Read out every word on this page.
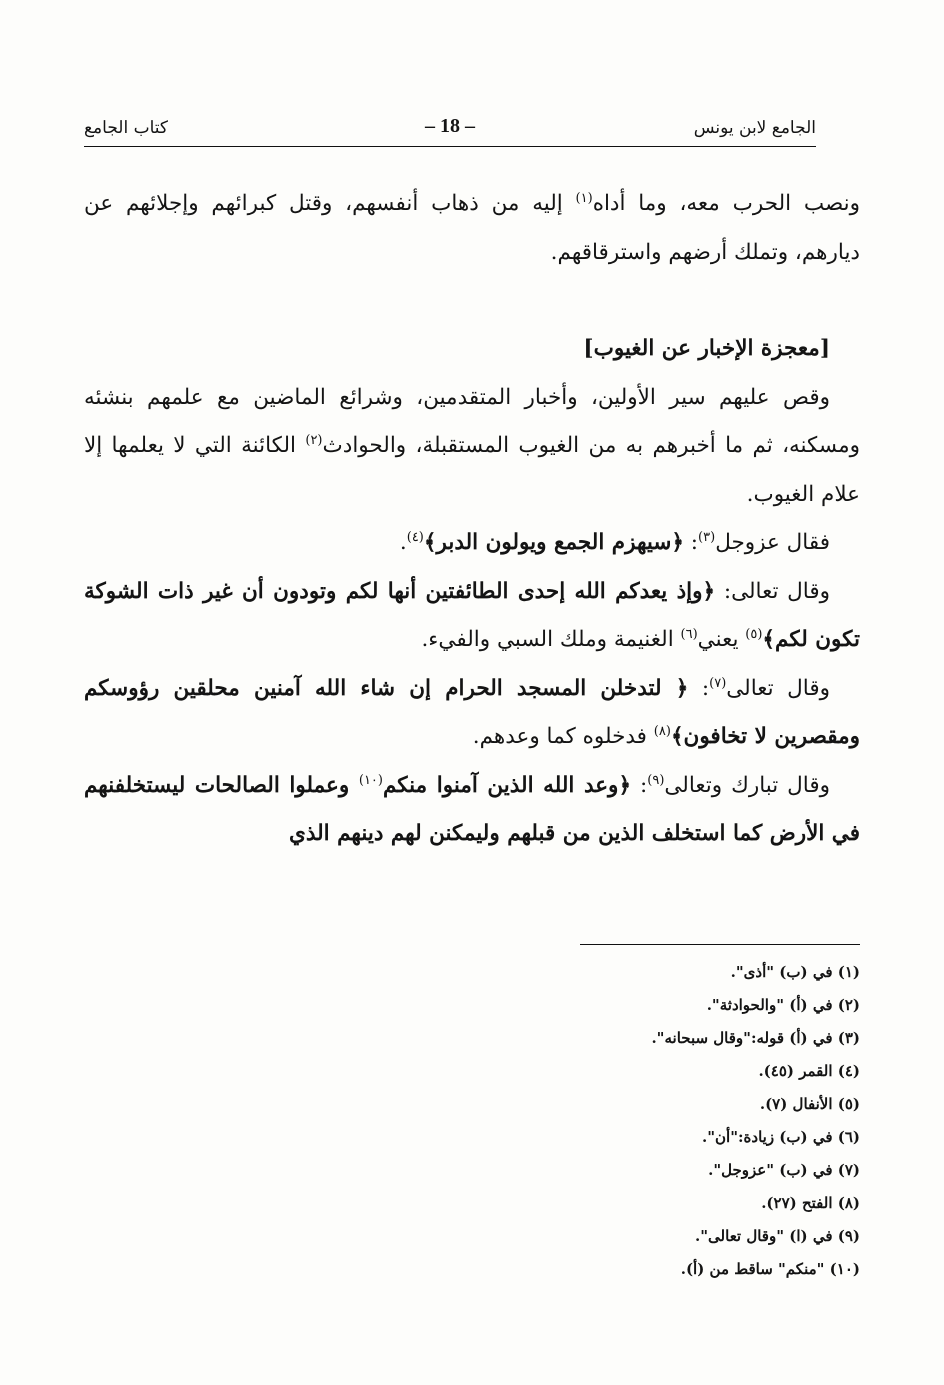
الجامع لابن يونس
– 18 –
كتاب الجامع

ونصب الحرب معه، وما أداه$^{(١)}$ إليه من ذهاب أنفسهم، وقتل كبرائهم وإجلائهم عن ديارهم، وتملك أرضهم واسترقاقهم.

[معجزة الإخبار عن الغيوب]

وقص عليهم سير الأولين، وأخبار المتقدمين، وشرائع الماضين مع علمهم بنشئه ومسكنه، ثم ما أخبرهم به من الغيوب المستقبلة، والحوادث$^{(٢)}$ الكائنة التي لا يعلمها إلا علام الغيوب.

فقال عزوجل$^{(٣)}$: ﴿سيهزم الجمع ويولون الدبر﴾$^{(٤)}$.

وقال تعالى: ﴿وإذ يعدكم الله إحدى الطائفتين أنها لكم وتودون أن غير ذات الشوكة تكون لكم﴾$^{(٥)}$ يعني$^{(٦)}$ الغنيمة وملك السبي والفيء.

وقال تعالى$^{(٧)}$: ﴿ لتدخلن المسجد الحرام إن شاء الله آمنين محلقين رؤوسكم ومقصرين لا تخافون﴾$^{(٨)}$ فدخلوه كما وعدهم.

وقال تبارك وتعالى$^{(٩)}$: ﴿وعد الله الذين آمنوا منكم$^{(١٠)}$ وعملوا الصالحات ليستخلفنهم في الأرض كما استخلف الذين من قبلهم وليمكنن لهم دينهم الذي

(١) في (ب) "أذى".
(٢) في (أ) "والحوادثة".
(٣) في (أ) قوله:"وقال سبحانه".
(٤) القمر (٤٥).
(٥) الأنفال (٧).
(٦) في (ب) زيادة:"أن".
(٧) في (ب) "عزوجل".
(٨) الفتح (٢٧).
(٩) في (ا) "وقال تعالى".
(١٠) "منكم" ساقط من (أ).
